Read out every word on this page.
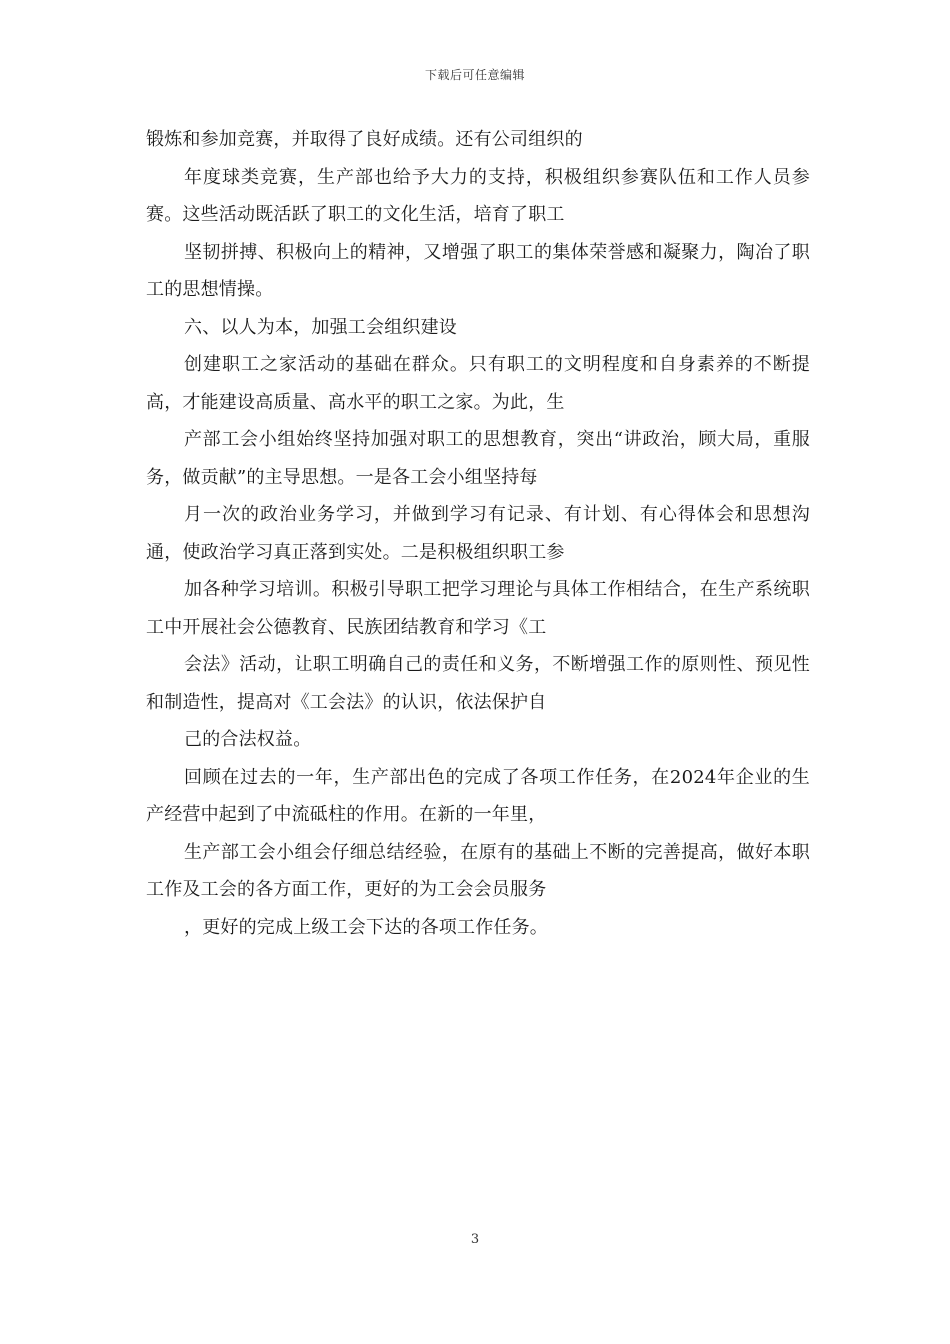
下载后可任意编辑

锻炼和参加竞赛，并取得了良好成绩。还有公司组织的

年度球类竞赛，生产部也给予大力的支持，积极组织参赛队伍和工作人员参赛。这些活动既活跃了职工的文化生活，培育了职工

坚韧拼搏、积极向上的精神，又增强了职工的集体荣誉感和凝聚力，陶冶了职工的思想情操。

六、以人为本，加强工会组织建设

创建职工之家活动的基础在群众。只有职工的文明程度和自身素养的不断提高，才能建设高质量、高水平的职工之家。为此，生

产部工会小组始终坚持加强对职工的思想教育，突出“讲政治，顾大局，重服务，做贡献”的主导思想。一是各工会小组坚持每

月一次的政治业务学习，并做到学习有记录、有计划、有心得体会和思想沟通，使政治学习真正落到实处。二是积极组织职工参

加各种学习培训。积极引导职工把学习理论与具体工作相结合，在生产系统职工中开展社会公德教育、民族团结教育和学习《工

会法》活动，让职工明确自己的责任和义务，不断增强工作的原则性、预见性和制造性，提高对《工会法》的认识，依法保护自

己的合法权益。

回顾在过去的一年，生产部出色的完成了各项工作任务，在2024年企业的生产经营中起到了中流砥柱的作用。在新的一年里，

生产部工会小组会仔细总结经验，在原有的基础上不断的完善提高，做好本职工作及工会的各方面工作，更好的为工会会员服务

，更好的完成上级工会下达的各项工作任务。

3
